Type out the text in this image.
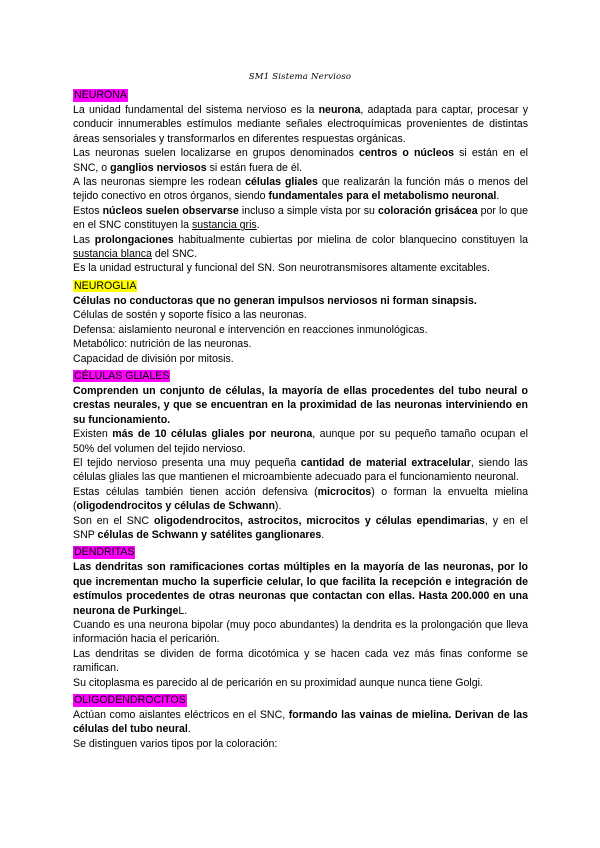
SM1 Sistema Nervioso
NEURONA

La unidad fundamental del sistema nervioso es la neurona, adaptada para captar, procesar y conducir innumerables estímulos mediante señales electroquímicas provenientes de distintas áreas sensoriales y transformarlos en diferentes respuestas orgánicas.

Las neuronas suelen localizarse en grupos denominados centros o núcleos si están en el SNC, o ganglios nerviosos si están fuera de él.

A las neuronas siempre les rodean células gliales que realizarán la función más o menos del tejido conectivo en otros órganos, siendo fundamentales para el metabolismo neuronal.

Estos núcleos suelen observarse incluso a simple vista por su coloración grisácea por lo que en el SNC constituyen la sustancia gris.

Las prolongaciones habitualmente cubiertas por mielina de color blanquecino constituyen la sustancia blanca del SNC.

Es la unidad estructural y funcional del SN. Son neurotransmisores altamente excitables.

NEUROGLIA

Células no conductoras que no generan impulsos nerviosos ni forman sinapsis.

Células de sostén y soporte físico a las neuronas.

Defensa: aislamiento neuronal e intervención en reacciones inmunológicas.

Metabólico: nutrición de las neuronas.

Capacidad de división por mitosis.

CÉLULAS GLIALES

Comprenden un conjunto de células, la mayoría de ellas procedentes del tubo neural o crestas neurales, y que se encuentran en la proximidad de las neuronas interviniendo en su funcionamiento.

Existen más de 10 células gliales por neurona, aunque por su pequeño tamaño ocupan el 50% del volumen del tejido nervioso.

El tejido nervioso presenta una muy pequeña cantidad de material extracelular, siendo las células gliales las que mantienen el microambiente adecuado para el funcionamiento neuronal.

Estas células también tienen acción defensiva (microcitos) o forman la envuelta mielina (oligodendrocitos y células de Schwann).

Son en el SNC oligodendrocitos, astrocitos, microcitos y células ependimarias, y en el SNP células de Schwann y satélites ganglionares.

DENDRITAS

Las dendritas son ramificaciones cortas múltiples en la mayoría de las neuronas, por lo que incrementan mucho la superficie celular, lo que facilita la recepción e integración de estímulos procedentes de otras neuronas que contactan con ellas. Hasta 200.000 en una neurona de PurkingeL.

Cuando es una neurona bipolar (muy poco abundantes) la dendrita es la prolongación que lleva información hacia el pericarión.

Las dendritas se dividen de forma dicotómica y se hacen cada vez más finas conforme se ramifican.

Su citoplasma es parecido al de pericarión en su proximidad aunque nunca tiene Golgi.

OLIGODENDROCITOS

Actúan como aislantes eléctricos en el SNC, formando las vainas de mielina. Derivan de las células del tubo neural.

Se distinguen varios tipos por la coloración:
